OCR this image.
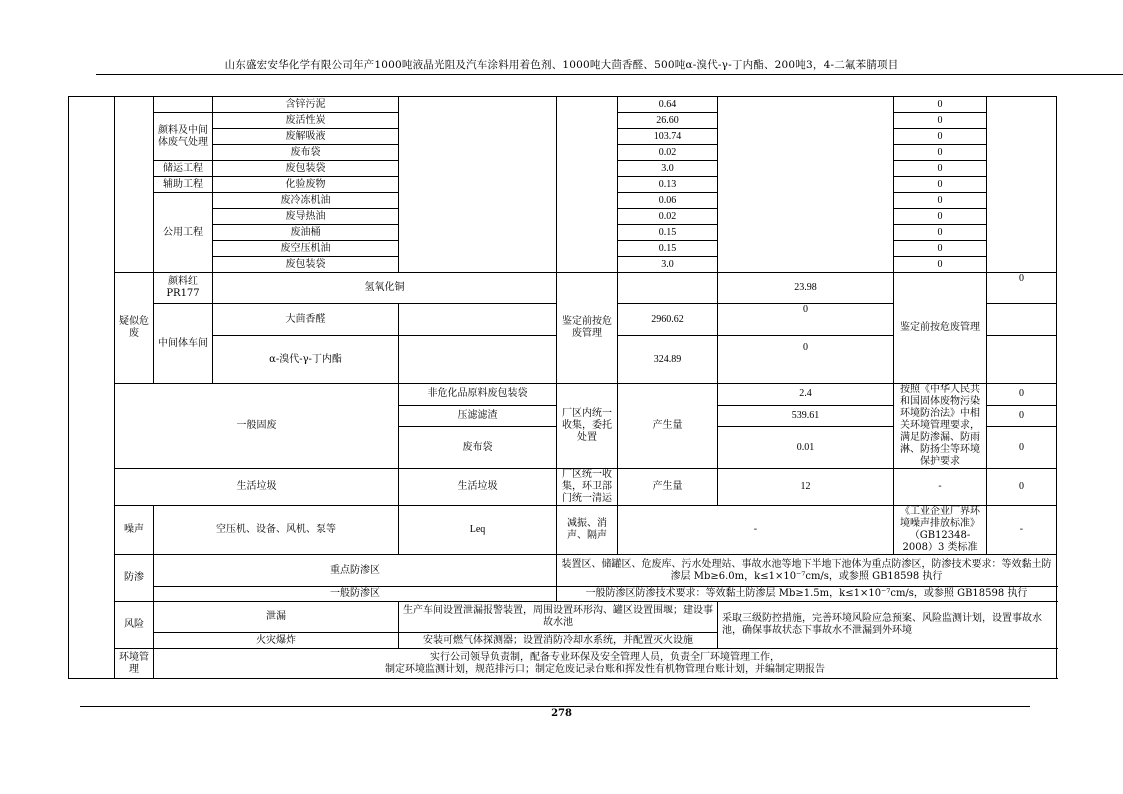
山东盛宏安华化学有限公司年产1000吨液晶光阻及汽车涂料用着色剂、1000吨大茴香醛、500吨α-溴代-γ-丁内酯、200吨3，4-二氟苯腈项目
			含锌污泥			0.64		0		
		颜料及中间体废气处理	废活性炭			26.60		0		
			废解吸液			103.74		0		
			废布袋			0.02		0		
		储运工程	废包装袋			3.0		0		
		辅助工程	化验废物			0.13		0		
		公用工程	废冷冻机油			0.06		0		
			废导热油			0.02		0		
			废油桶			0.15		0		
			废空压机油			0.15		0		
			废包装袋			3.0		0		
	疑似危废	颜料红PR177	氢氧化铜		鉴定前按危废管理		23.98	鉴定前按危废管理	0	
		中间体车间	大茴香醛			2960.62	0			
			α-溴代-γ-丁内酯			324.89	0			
	一般固废			非危化品原料废包装袋	厂区内统一收集，委托处置	产生量	2.4	按照《中华人民共和国固体废物污染环境防治法》中相关环境管理要求，满足防渗漏、防雨淋、防扬尘等环境保护要求	0	
				压滤滤渣			539.61		0	
				废布袋			0.01		0	
	生活垃圾			生活垃圾	厂区统一收集，环卫部门统一清运	产生量	12	-	0	
	噪声	空压机、设备、风机、泵等		Leq	减振、消声、隔声	-		《工业企业厂界环境噪声排放标准》（GB12348-2008）3 类标准	-	
	防渗	重点防渗区			装置区、储罐区、危废库、污水处理站、事故水池等地下半地下池体为重点防渗区，防渗技术要求：等效黏土防渗层 Mb≥6.0m，k≤1×10⁻⁷cm/s，或参照 GB18598 执行					
		一般防渗区			一般防渗区防渗技术要求：等效黏土防渗层 Mb≥1.5m，k≤1×10⁻⁷cm/s，或参照 GB18598 执行					
	风险	泄漏		生产车间设置泄漏报警装置，周围设置环形沟、罐区设置围堰；建设事故水池			采取三级防控措施，完善环境风险应急预案、风险监测计划，设置事故水池，确保事故状态下事故水不泄漏到外环境			
		火灾爆炸		安装可燃气体探测器；设置消防冷却水系统，并配置灭火设施						
	环境管理	实行公司领导负责制，配备专业环保及安全管理人员，负责全厂环境管理工作，
制定环境监测计划，规范排污口；制定危废记录台账和挥发性有机物管理台账计划，并编制定期报告								
278
